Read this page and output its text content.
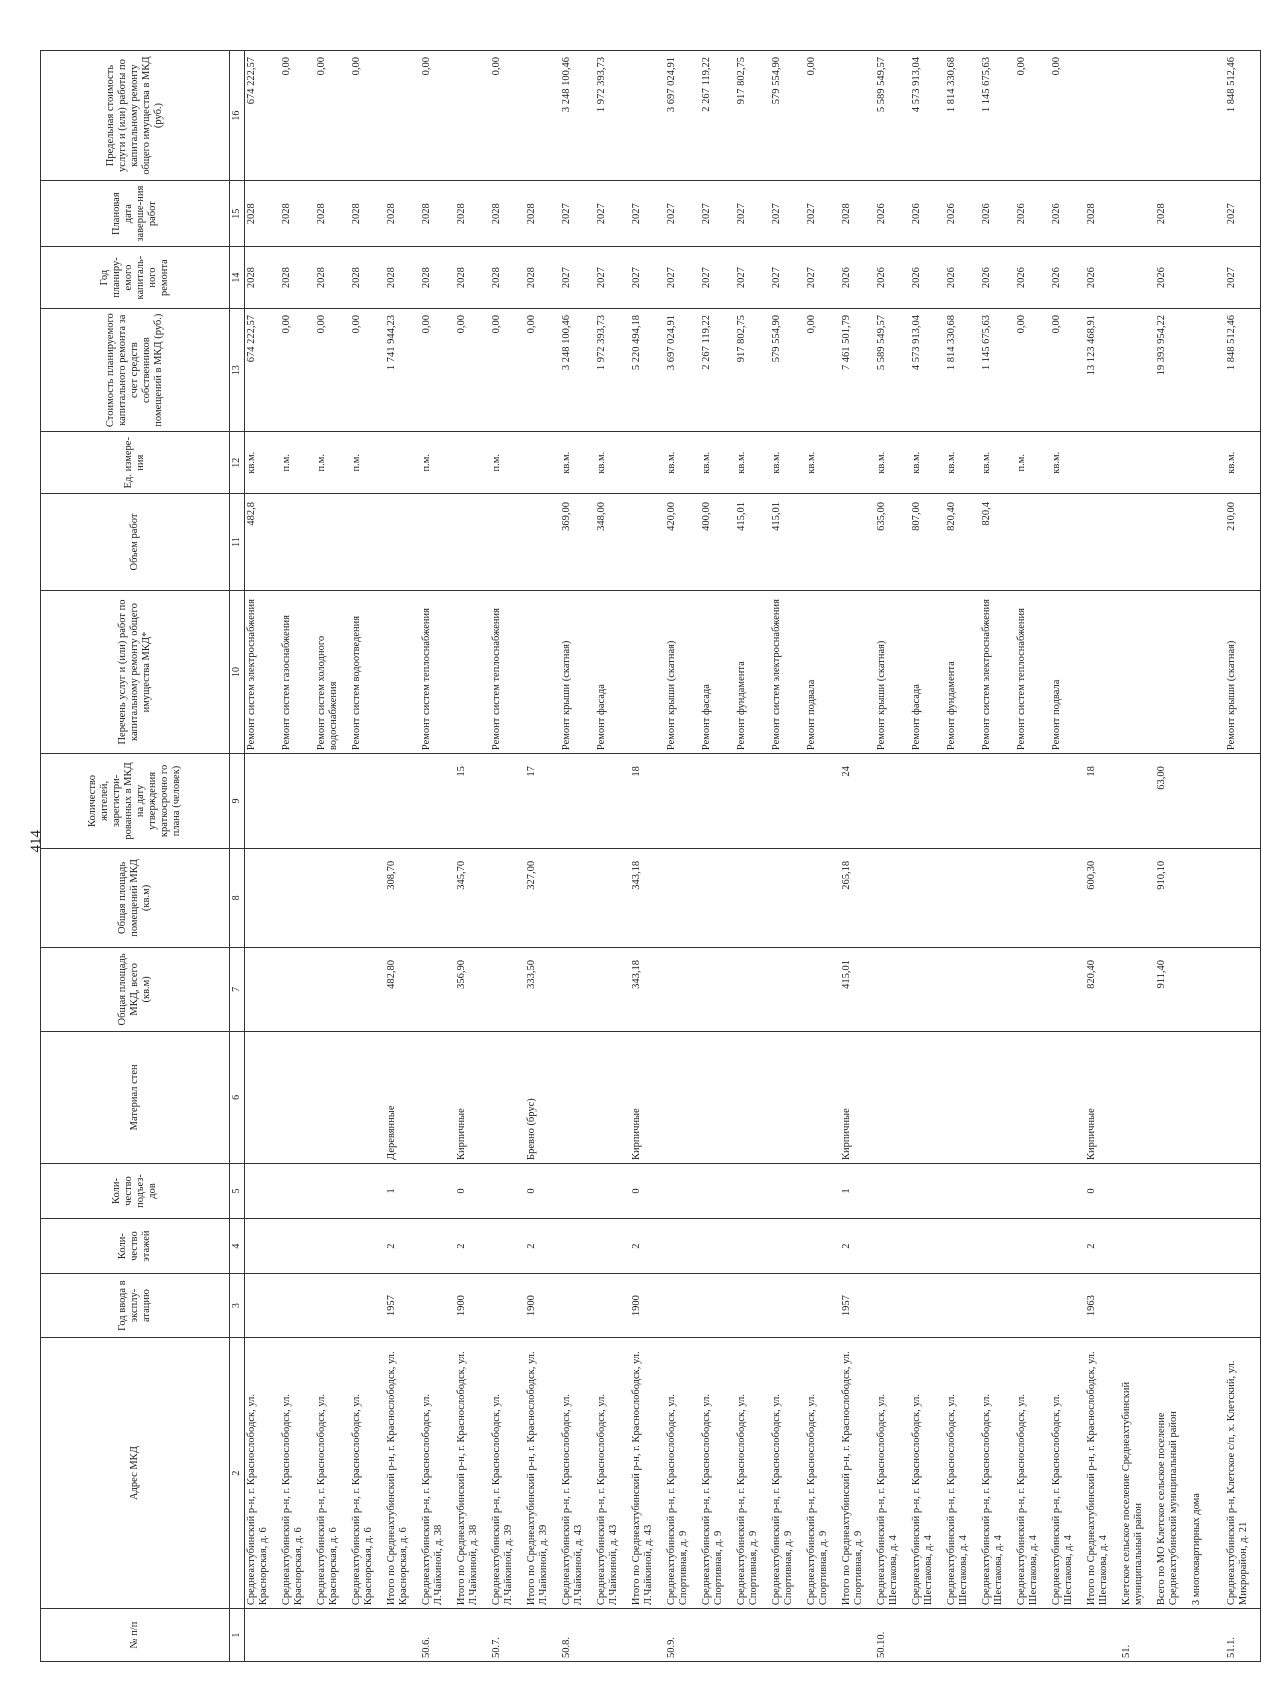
414
№ п/п	Адрес МКД	Год ввода в эксплу-атацию	Коли-чество этажей	Коли-чество подъез-дов	Материал стен	Общая площадь МКД, всего (кв.м)	Общая площадь помещений МКД (кв.м)	Количество жителей, зарегистри-рованных в МКД на дату утверждения краткосрочно го плана (человек)	Перечень услуг и (или) работ по капитальному ремонту общего имущества МКД*	Объем работ	Ед. измере-ния	Стоимость планируемого капитального ремонта за счет средств собственников помещений в МКД (руб.)	Год планиру-емого капиталь-ного ремонта	Плановая дата заверше-ния работ	Предельная стоимость услуги и (или) работы по капитальному ремонту общего имущества в МКД (руб.)
1	2	3	4	5	6	7	8	9	10	11	12	13	14	15	16
	Среднеахтубинский р-н, г. Краснослободск, ул. Краснорская, д. 6								Ремонт систем электроснабжения	482,8	кв.м.	674 222,57	2028	2028	674 222,57
	Среднеахтубинский р-н, г. Краснослободск, ул. Краснорская, д. 6								Ремонт систем газоснабжения		п.м.	0,00	2028	2028	0,00
	Среднеахтубинский р-н, г. Краснослободск, ул. Краснорская, д. 6								Ремонт систем холодного водоснабжения		п.м.	0,00	2028	2028	0,00
	Среднеахтубинский р-н, г. Краснослободск, ул. Краснорская, д. 6								Ремонт систем водоотведения		п.м.	0,00	2028	2028	0,00
	Итого по Среднеахтубинский р-н, г. Краснослободск, ул. Краснорская, д. 6	1957	2	1	Деревянные	482,80	308,70					1 741 944,23	2028	2028	
50.6.	Среднеахтубинский р-н, г. Краснослободск, ул. Л.Чайкиной, д. 38								Ремонт систем теплоснабжения		п.м.	0,00	2028	2028	0,00
	Итого по Среднеахтубинский р-н, г. Краснослободск, ул. Л.Чайкиной, д. 38	1900	2	0	Кирпичные	356,90	345,70	15				0,00	2028	2028	
50.7.	Среднеахтубинский р-н, г. Краснослободск, ул. Л.Чайкиной, д. 39								Ремонт систем теплоснабжения		п.м.	0,00	2028	2028	0,00
	Итого по Среднеахтубинский р-н, г. Краснослободск, ул. Л.Чайкиной, д. 39	1900	2	0	Бревно (брус)	333,50	327,00	17				0,00	2028	2028	
50.8.	Среднеахтубинский р-н, г. Краснослободск, ул. Л.Чайкиной, д. 43								Ремонт крыши (скатная)	369,00	кв.м.	3 248 100,46	2027	2027	3 248 100,46
	Среднеахтубинский р-н, г. Краснослободск, ул. Л.Чайкиной, д. 43								Ремонт фасада	348,00	кв.м.	1 972 393,73	2027	2027	1 972 393,73
	Итого по Среднеахтубинский р-н, г. Краснослободск, ул. Л.Чайкиной, д. 43	1900	2	0	Кирпичные	343,18	343,18	18				5 220 494,18	2027	2027	
50.9.	Среднеахтубинский р-н, г. Краснослободск, ул. Спортивная, д. 9								Ремонт крыши (скатная)	420,00	кв.м.	3 697 024,91	2027	2027	3 697 024,91
	Среднеахтубинский р-н, г. Краснослободск, ул. Спортивная, д. 9								Ремонт фасада	400,00	кв.м.	2 267 119,22	2027	2027	2 267 119,22
	Среднеахтубинский р-н, г. Краснослободск, ул. Спортивная, д. 9								Ремонт фундамента	415,01	кв.м.	917 802,75	2027	2027	917 802,75
	Среднеахтубинский р-н, г. Краснослободск, ул. Спортивная, д. 9								Ремонт систем электроснабжения	415,01	кв.м.	579 554,90	2027	2027	579 554,90
	Среднеахтубинский р-н, г. Краснослободск, ул. Спортивная, д. 9								Ремонт подвала		кв.м.	0,00	2027	2027	0,00
	Итого по Среднеахтубинский р-н, г. Краснослободск, ул. Спортивная, д. 9	1957	2	1	Кирпичные	415,01	265,18	24				7 461 501,79	2026	2028	
50.10.	Среднеахтубинский р-н, г. Краснослободск, ул. Шестакова, д. 4								Ремонт крыши (скатная)	635,00	кв.м.	5 589 549,57	2026	2026	5 589 549,57
	Среднеахтубинский р-н, г. Краснослободск, ул. Шестакова, д. 4								Ремонт фасада	807,00	кв.м.	4 573 913,04	2026	2026	4 573 913,04
	Среднеахтубинский р-н, г. Краснослободск, ул. Шестакова, д. 4								Ремонт фундамента	820,40	кв.м.	1 814 330,68	2026	2026	1 814 330,68
	Среднеахтубинский р-н, г. Краснослободск, ул. Шестакова, д. 4								Ремонт систем электроснабжения	820,4	кв.м.	1 145 675,63	2026	2026	1 145 675,63
	Среднеахтубинский р-н, г. Краснослободск, ул. Шестакова, д. 4								Ремонт систем теплоснабжения		п.м.	0,00	2026	2026	0,00
	Среднеахтубинский р-н, г. Краснослободск, ул. Шестакова, д. 4								Ремонт подвала		кв.м.	0,00	2026	2026	0,00
	Итого по Среднеахтубинский р-н, г. Краснослободск, ул. Шестакова, д. 4	1963	2	0	Кирпичные	820,40	600,30	18				13 123 468,91	2026	2028	
51.	Клетское сельское поселение Среднеахтубинский муниципальный район														
	Всего по МО Клетское сельское поселение Среднеахтубинский муниципальный район					911,40	910,10	63,00				19 393 954,22	2026	2028	
	3 многоквартирных дома														
51.1.	Среднеахтубинский р-н, Клетское с/п, х. Клетский, ул. Микрорайон, д. 21								Ремонт крыши (скатная)	210,00	кв.м.	1 848 512,46	2027	2027	1 848 512,46
